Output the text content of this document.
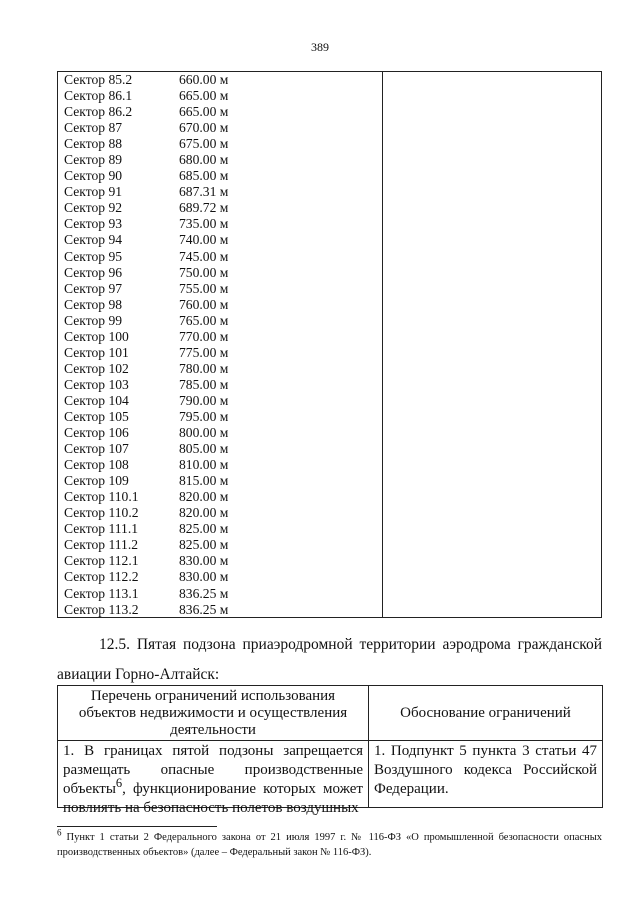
389
Сектор 85.2	660.00 м
Сектор 86.1	665.00 м
Сектор 86.2	665.00 м
Сектор 87	670.00 м
Сектор 88	675.00 м
Сектор 89	680.00 м
Сектор 90	685.00 м
Сектор 91	687.31 м
Сектор 92	689.72 м
Сектор 93	735.00 м
Сектор 94	740.00 м
Сектор 95	745.00 м
Сектор 96	750.00 м
Сектор 97	755.00 м
Сектор 98	760.00 м
Сектор 99	765.00 м
Сектор 100	770.00 м
Сектор 101	775.00 м
Сектор 102	780.00 м
Сектор 103	785.00 м
Сектор 104	790.00 м
Сектор 105	795.00 м
Сектор 106	800.00 м
Сектор 107	805.00 м
Сектор 108	810.00 м
Сектор 109	815.00 м
Сектор 110.1	820.00 м
Сектор 110.2	820.00 м
Сектор 111.1	825.00 м
Сектор 111.2	825.00 м
Сектор 112.1	830.00 м
Сектор 112.2	830.00 м
Сектор 113.1	836.25 м
Сектор 113.2	836.25 м
12.5. Пятая подзона приаэродромной территории аэродрома гражданской авиации Горно-Алтайск:
Перечень ограничений использования объектов недвижимости и осуществления деятельности	Обоснование ограничений

1. В границах пятой подзоны запрещается размещать опасные производственные объекты$^6$, функционирование которых может повлиять на безопасность полетов воздушных	1. Подпункт 5 пункта 3 статьи 47 Воздушного кодекса Российской Федерации.
$^6$ Пункт 1 статьи 2 Федерального закона от 21 июля 1997 г. № 116-ФЗ «О промышленной безопасности опасных производственных объектов» (далее – Федеральный закон № 116-ФЗ).
